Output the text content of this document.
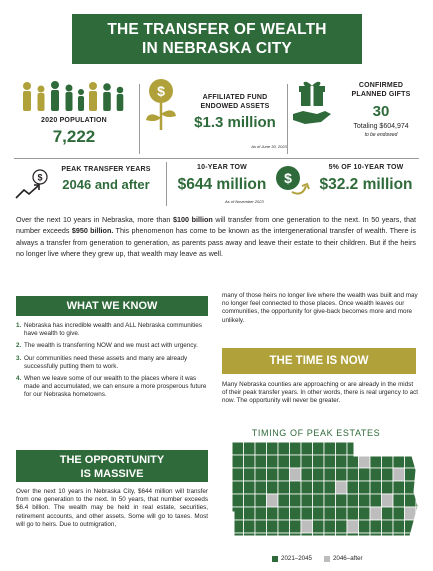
THE TRANSFER OF WEALTH
IN NEBRASKA CITY
2020 POPULATION
7,222
$	AFFILIATED FUND
ENDOWED ASSETS
$1.3 million
As of June 30, 2023
CONFIRMED
PLANNED GIFTS
30
Totaling $604,974
to be endowed
$
PEAK TRANSFER YEARS
2046 and after
10-YEAR TOW
$644 million
As of November 2023
$
5% OF 10-YEAR TOW
$32.2 million
Over the next 10 years in Nebraska, more than $100 billion will transfer from one generation to the next. In 50 years, that number exceeds $950 billion. This phenomenon has come to be known as the intergenerational transfer of wealth. There is always a transfer from generation to generation, as parents pass away and leave their estate to their children. But if the heirs no longer live where they grew up, that wealth may leave as well.
WHAT WE KNOW
1. Nebraska has incredible wealth and ALL Nebraska communities have wealth to give.
2. The wealth is transferring NOW and we must act with urgency.
3. Our communities need these assets and many are already successfully putting them to work.
4. When we leave some of our wealth to the places where it was made and accumulated, we can ensure a more prosperous future for our Nebraska hometowns.
THE OPPORTUNITY
IS MASSIVE
Over the next 10 years in Nebraska City, $644 million will transfer from one generation to the next. In 50 years, that number exceeds $6.4 billion. The wealth may be held in real estate, securities, retirement accounts, and other assets. Some will go to taxes. Most will go to heirs. Due to outmigration,
many of those heirs no longer live where the wealth was built and may no longer feel connected to those places. Once wealth leaves our communities, the opportunity for give-back becomes more and more unlikely.
THE TIME IS NOW
Many Nebraska counties are approaching or are already in the midst of their peak transfer years. In other words, there is real urgency to act now. The opportunity will never be greater.
TIMING OF PEAK ESTATES
2021–2045	2046–after
